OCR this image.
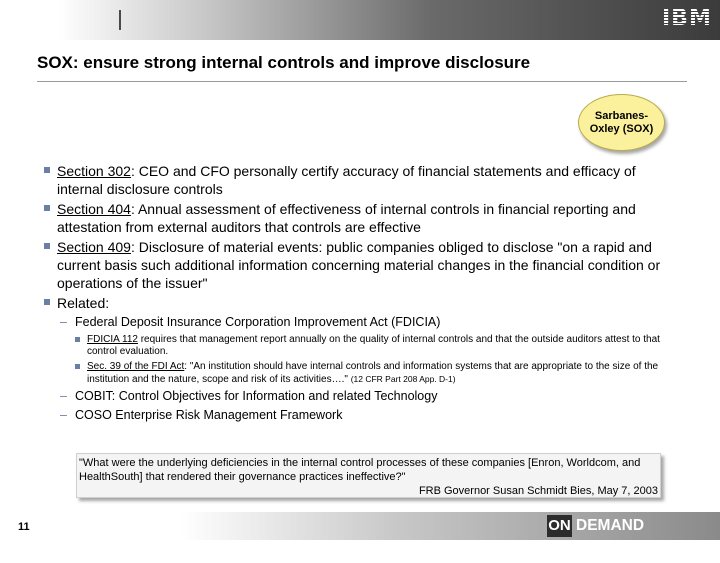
IBM
SOX: ensure strong internal controls and improve disclosure
Sarbanes-
Oxley (SOX)
Section 302: CEO and CFO personally certify accuracy of financial statements and efficacy of internal disclosure controls
Section 404: Annual assessment of effectiveness of internal controls in financial reporting and attestation from external auditors that controls are effective
Section 409: Disclosure of material events: public companies obliged to disclose "on a rapid and current basis such additional information concerning material changes in the financial condition or operations of the issuer"
Related:
– Federal Deposit Insurance Corporation Improvement Act (FDICIA)
FDICIA 112 requires that management report annually on the quality of internal controls and that the outside auditors attest to that control evaluation.
Sec. 39 of the FDI Act: "An institution should have internal controls and information systems that are appropriate to the size of the institution and the nature, scope and risk of its activities…." (12 CFR Part 208 App. D-1)
– COBIT: Control Objectives for Information and related Technology
– COSO Enterprise Risk Management Framework
"What were the underlying deficiencies in the internal control processes of these companies [Enron, Worldcom, and HealthSouth] that rendered their governance practices ineffective?"
FRB Governor Susan Schmidt Bies, May 7, 2003
11	ON DEMAND BUSINESS®
